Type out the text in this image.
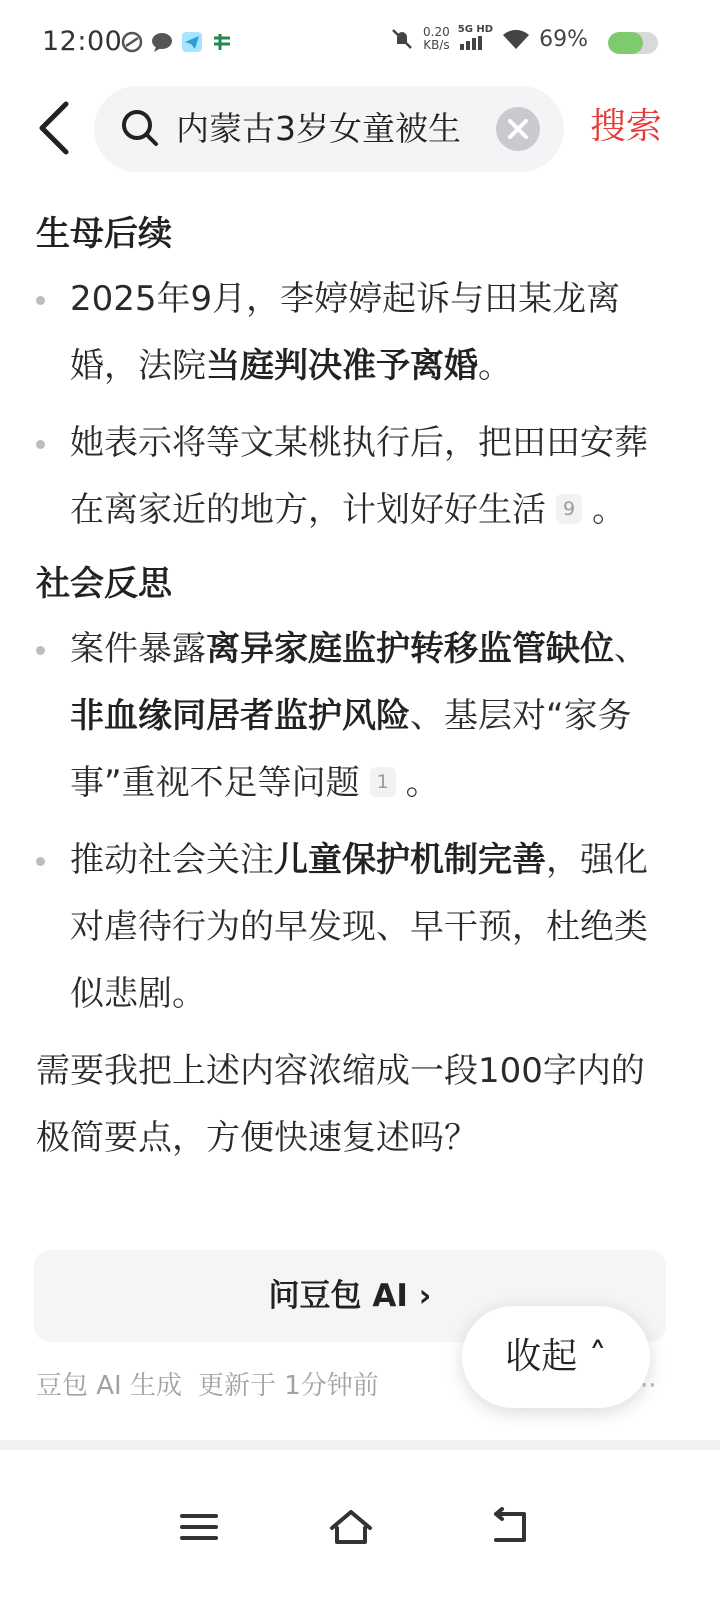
12:00	0.20
KB/s
5G HD 69%
内蒙古3岁女童被生	搜索
生母后续
2025年9月，李婷婷起诉与田某龙离婚，法院当庭判决准予离婚。
她表示将等文某桃执行后，把田田安葬在离家近的地方，计划好好生活 9 。
社会反思
案件暴露离异家庭监护转移监管缺位、非血缘同居者监护风险、基层对“家务事”重视不足等问题 1 。
推动社会关注儿童保护机制完善，强化对虐待行为的早发现、早干预，杜绝类似悲剧。
需要我把上述内容浓缩成一段100字内的极简要点，方便快速复述吗？
问豆包 AI ›
豆包 AI 生成 更新于 1分钟前	··
收起 ˄
